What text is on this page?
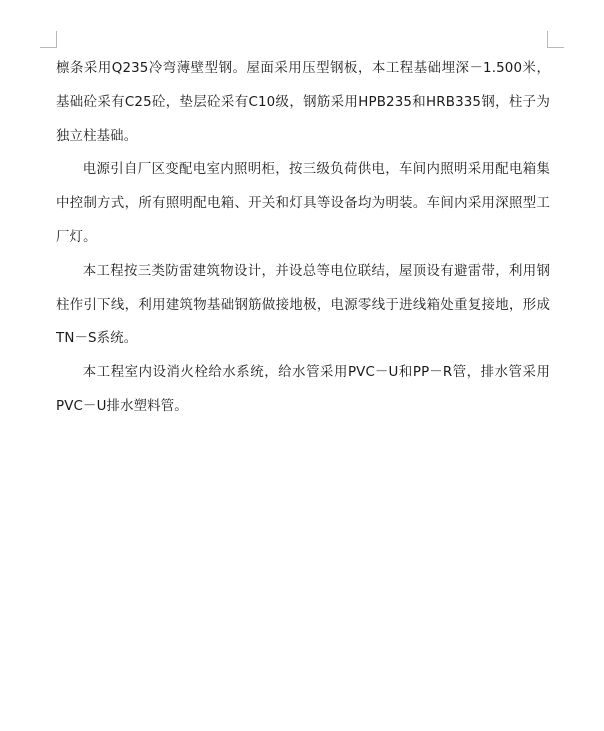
檩条采用Q235冷弯薄壁型钢。屋面采用压型钢板，本工程基础埋深－1.500米，基础砼采有C25砼，垫层砼采有C10级，钢筋采用HPB235和HRB335钢，柱子为独立柱基础。

电源引自厂区变配电室内照明柜，按三级负荷供电，车间内照明采用配电箱集中控制方式，所有照明配电箱、开关和灯具等设备均为明装。车间内采用深照型工厂灯。

本工程按三类防雷建筑物设计，并设总等电位联结，屋顶设有避雷带，利用钢柱作引下线，利用建筑物基础钢筋做接地极，电源零线于进线箱处重复接地，形成TN－S系统。

本工程室内设消火栓给水系统，给水管采用PVC－U和PP－R管，排水管采用PVC－U排水塑料管。
